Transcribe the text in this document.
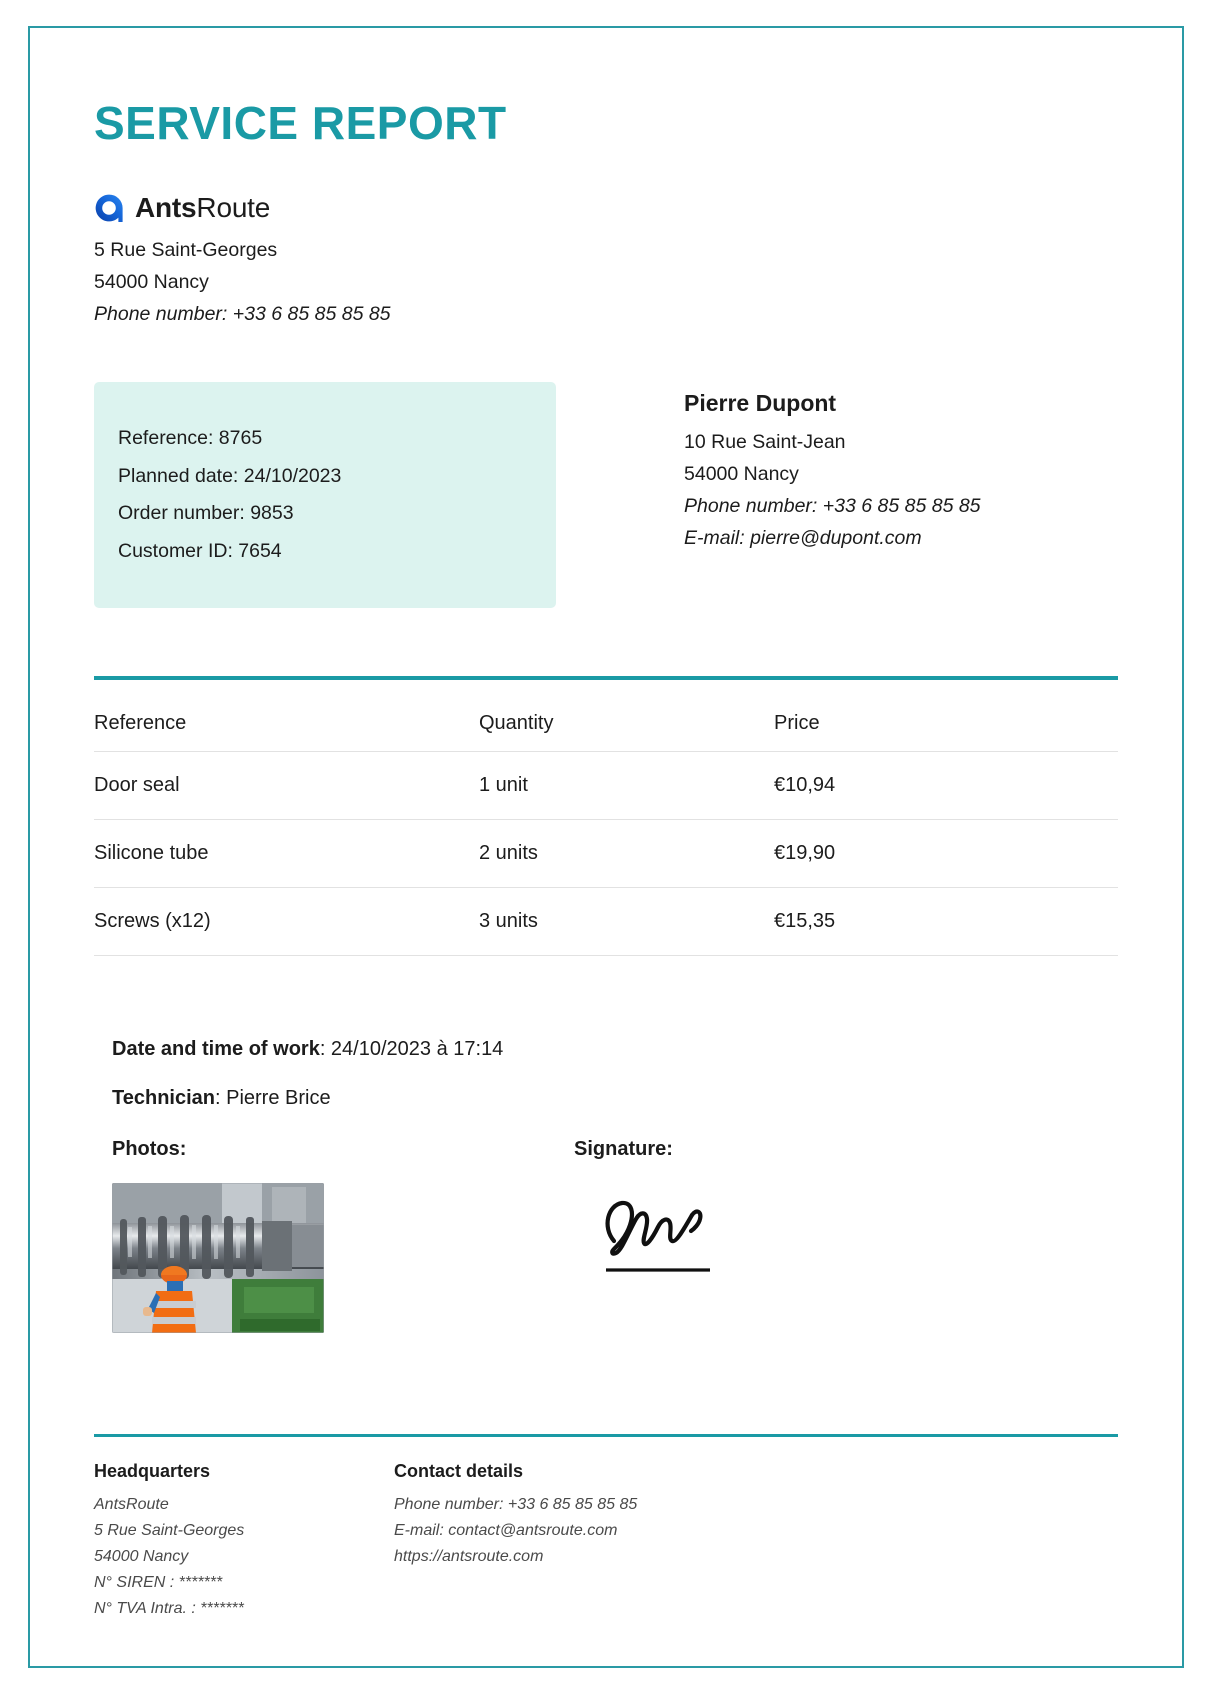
SERVICE REPORT
AntsRoute
5 Rue Saint-Georges
54000 Nancy
Phone number: +33 6 85 85 85 85
Reference: 8765
Planned date: 24/10/2023
Order number: 9853
Customer ID: 7654
Pierre Dupont
10 Rue Saint-Jean
54000 Nancy
Phone number: +33 6 85 85 85 85
E-mail: pierre@dupont.com
Reference	Quantity	Price
Door seal	1 unit	€10,94
Silicone tube	2 units	€19,90
Screws (x12)	3 units	€15,35
Date and time of work: 24/10/2023 à 17:14
Technician: Pierre Brice
Photos:	Signature:
Headquarters
AntsRoute
5 Rue Saint-Georges
54000 Nancy
N° SIREN : *******
N° TVA Intra. : *******
Contact details
Phone number: +33 6 85 85 85 85
E-mail: contact@antsroute.com
https://antsroute.com
